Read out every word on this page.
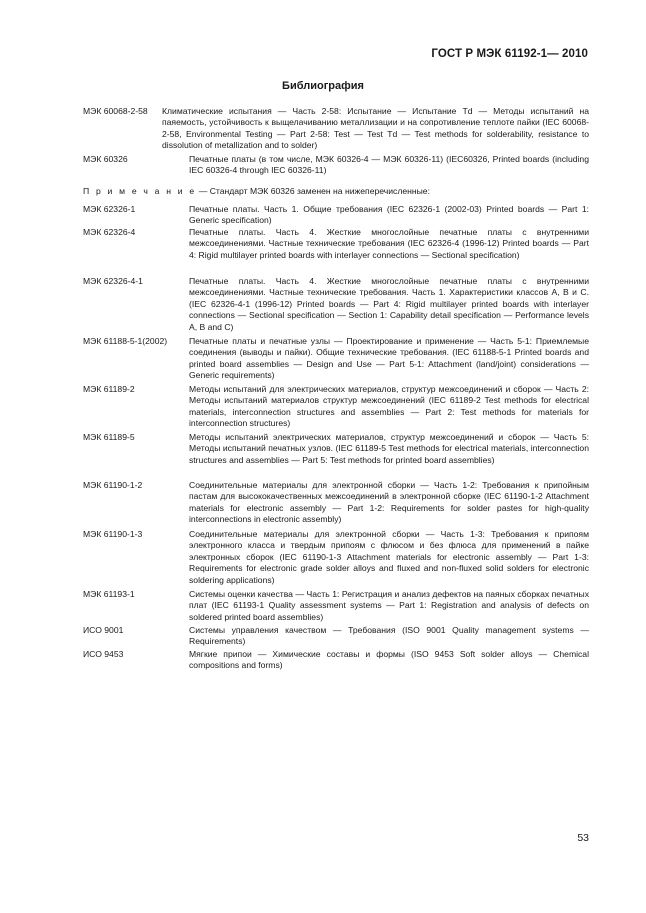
ГОСТ Р МЭК 61192-1— 2010
Библиография
МЭК 60068-2-58 Климатические испытания — Часть 2-58: Испытание — Испытание Td — Методы испытаний на паяемость, устойчивость к выщелачиванию металлизации и на сопротивление теплоте пайки (IEC 60068-2-58, Environmental Testing — Part 2-58: Test — Test Td — Test methods for solderability, resistance to dissolution of metallization and to solder)
МЭК 60326	Печатные платы (в том числе, МЭК 60326-4 — МЭК 60326-11) (IEC60326, Printed boards (including IEC 60326-4 through IEC 60326-11)
П р и м е ч а н и е — Стандарт МЭК 60326 заменен на нижеперечисленные:
МЭК 62326-1	Печатные платы. Часть 1. Общие требования (IEC 62326-1 (2002-03) Printed boards — Part 1: Generic specification)
МЭК 62326-4	Печатные платы. Часть 4. Жесткие многослойные печатные платы с внутренними межсоединениями. Частные технические требования (IEC 62326-4 (1996-12) Printed boards — Part 4: Rigid multilayer printed boards with interlayer connections — Sectional specification)
МЭК 62326-4-1	Печатные платы. Часть 4. Жесткие многослойные печатные платы с внутренними межсоединениями. Частные технические требования. Часть 1. Характеристики классов А, В и С. (IEC 62326-4-1 (1996-12) Printed boards — Part 4: Rigid multilayer printed boards with interlayer connections — Sectional specification — Section 1: Capability detail specification — Performance levels A, B and C)
МЭК 61188-5-1(2002)	Печатные платы и печатные узлы — Проектирование и применение — Часть 5-1: Приемлемые соединения (выводы и пайки). Общие технические требования. (IEC 61188-5-1 Printed boards and printed board assemblies — Design and Use — Part 5-1: Attachment (land/joint) considerations — Generic requirements)
МЭК 61189-2	Методы испытаний для электрических материалов, структур межсоединений и сборок — Часть 2: Методы испытаний материалов структур межсоединений (IEC 61189-2 Test methods for electrical materials, interconnection structures and assemblies — Part 2: Test methods for materials for interconnection structures)
МЭК 61189-5	Методы испытаний электрических материалов, структур межсоединений и сборок — Часть 5: Методы испытаний печатных узлов. (IEC 61189-5 Test methods for electrical materials, interconnection structures and assemblies — Part 5: Test methods for printed board assemblies)
МЭК 61190-1-2	Соединительные материалы для электронной сборки — Часть 1-2: Требования к припойным пастам для высококачественных межсоединений в электронной сборке (IEC 61190-1-2 Attachment materials for electronic assembly — Part 1-2: Requirements for solder pastes for high-quality interconnections in electronic assembly)
МЭК 61190-1-3	Соединительные материалы для электронной сборки — Часть 1-3: Требования к припоям электронного класса и твердым припоям с флюсом и без флюса для применений в пайке электронных сборок (IEC 61190-1-3 Attachment materials for electronic assembly — Part 1-3: Requirements for electronic grade solder alloys and fluxed and non-fluxed solid solders for electronic soldering applications)
МЭК 61193-1	Системы оценки качества — Часть 1: Регистрация и анализ дефектов на паяных сборках печатных плат (IEC 61193-1 Quality assessment systems — Part 1: Registration and analysis of defects on soldered printed board assemblies)
ИСО 9001	Системы управления качеством — Требования (ISO 9001 Quality management systems — Requirements)
ИСО 9453	Мягкие припои — Химические составы и формы (ISO 9453 Soft solder alloys — Chemical compositions and forms)
53
